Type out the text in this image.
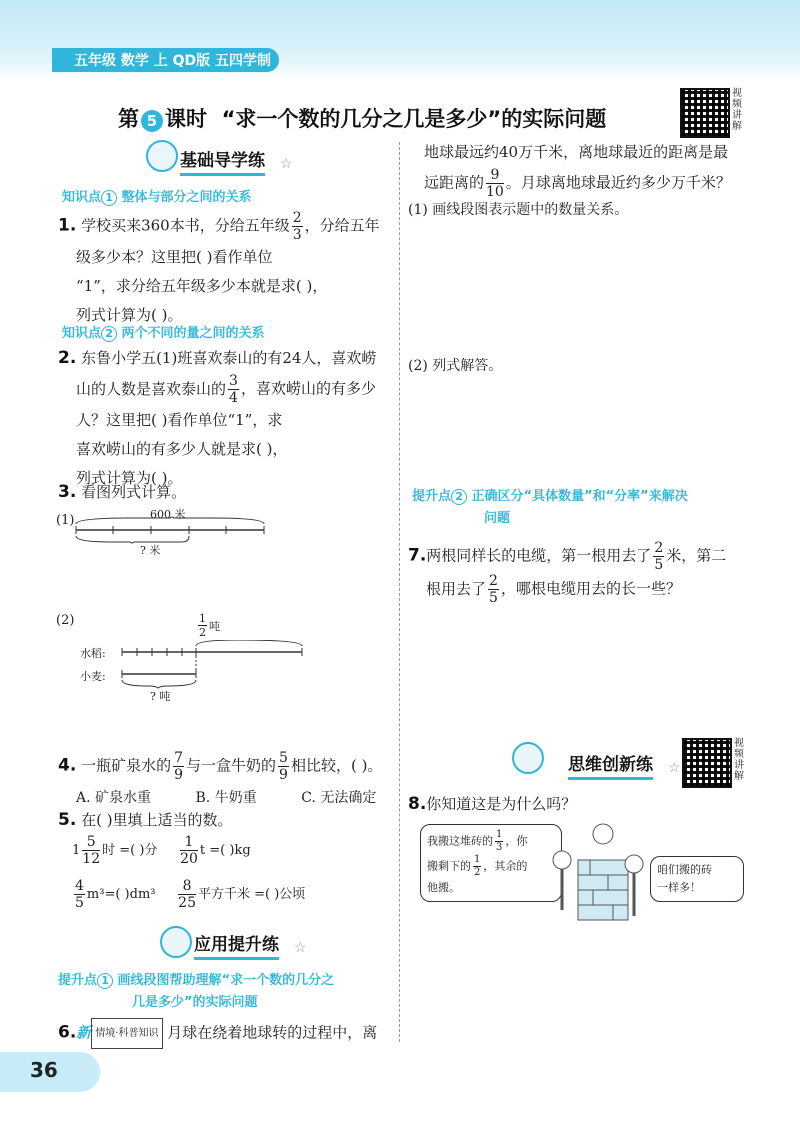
五年级 数学 上 QD版 五四学制
第 5 课时 “求一个数的几分之几是多少”的实际问题
视频讲解
基础导学练 ☆
知识点 1 整体与部分之间的关系
1. 学校买来360本书，分给五年级 $\frac{2}{3}$ ，分给五年
级多少本？这里把( )看作单位
“1”，求分给五年级多少本就是求( )，
列式计算为( )。
知识点 2 两个不同的量之间的关系
2. 东鲁小学五(1)班喜欢泰山的有24人，喜欢崂
山的人数是喜欢泰山的 $\frac{3}{4}$ ，喜欢崂山的有多少
人？这里把( )看作单位“1”，求
喜欢崂山的有多少人就是求( )，
列式计算为( )。
3. 看图列式计算。
(1)	600 米
? 米
(2)	$\frac{1}{2}$ 吨
水稻:
小麦:
? 吨
4. 一瓶矿泉水的 $\frac{7}{9}$ 与一盒牛奶的 $\frac{5}{9}$ 相比较，( )。
A. 矿泉水重          B. 牛奶重          C. 无法确定
5. 在( )里填上适当的数。
$1 \frac{5}{12}$ 时 =( )分 $\frac{1}{20}$ t =( )kg
$\frac{4}{5} m^3=$( )$dm^3 \frac{8}{25}$ 平方千米 =( )公顷
应用提升练 ☆
提升点 1 画线段图帮助理解“求一个数的几分之
几是多少”的实际问题
6.新 情境·科普知识 月球在绕着地球转的过程中，离
地球最远约40万千米，离地球最近的距离是最
远距离的 $\frac{9}{10}$ 。月球离地球最近约多少万千米？
(1) 画线段图表示题中的数量关系。
(2) 列式解答。
提升点 2 正确区分“具体数量”和“分率”来解决
问题
7.两根同样长的电缆，第一根用去了 $\frac{2}{5}$ 米，第二
根用去了 $\frac{2}{5}$ ，哪根电缆用去的长一些？
思维创新练 ☆
视频讲解
8.你知道这是为什么吗？
我搬这堆砖的 $\frac{1}{3}$ ，你
搬剩下的 $\frac{1}{2}$ ，其余的
他搬。
咱们搬的砖
一样多！
36
